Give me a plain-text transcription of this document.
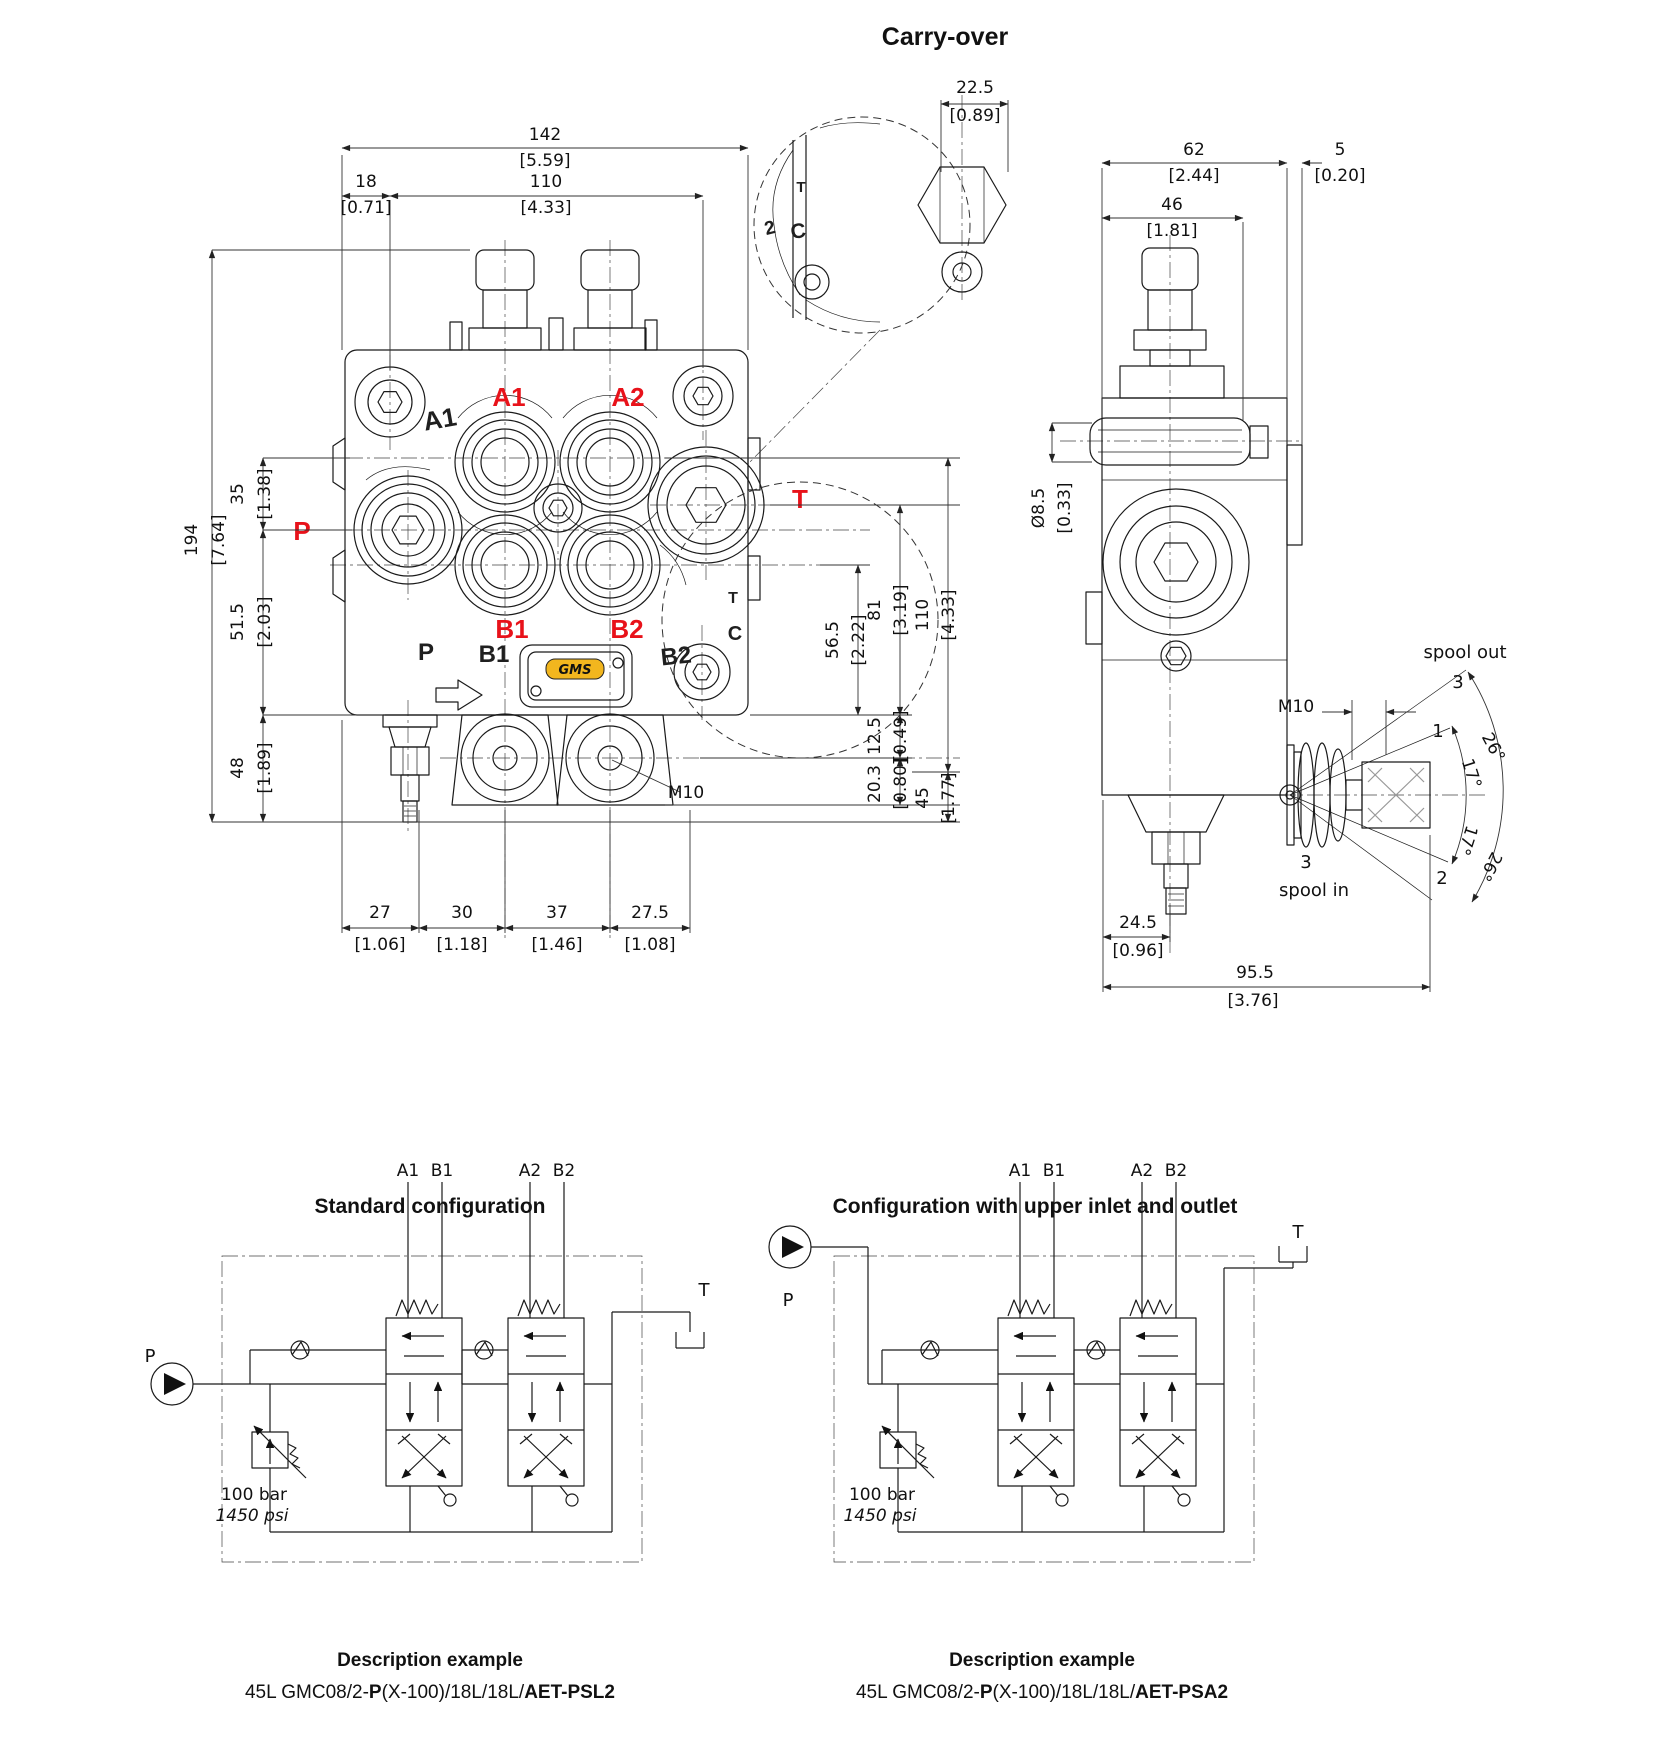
Carry-over
T
2 C
22.5
[0.89]
GMS
A1
P B1	B2
T
C
A1	A2
P
B1	B2
T
M10
142
[5.59]
18
[0.71]
110
[4.33]
194 [7.64]
35 [1.38]
51.5 [2.03]
48 [1.89]
56.5 [2.22]
81 [3.19]
12.5 [0.49]
20.3 [0.80]
110 [4.33]
45 [1.77]
27
[1.06]
30
[1.18]
37
[1.46]
27.5
[1.08]
spool out
3
1
2
3
spool in
26°
17°
17°
26°
M10
62
[2.44]
46
[1.81]
5
[0.20]
Ø8.5 [0.33]
24.5
[0.96]
95.5
[3.76]
Standard configuration
A1 B1	A2 B2
P
100 bar
1450 psi
T
Description example
45L GMC08/2-P(X-100)/18L/18L/AET-PSL2
Configuration with upper inlet and outlet
A1 B1	A2 B2
P
100 bar
1450 psi
T
Description example
45L GMC08/2-P(X-100)/18L/18L/AET-PSA2
